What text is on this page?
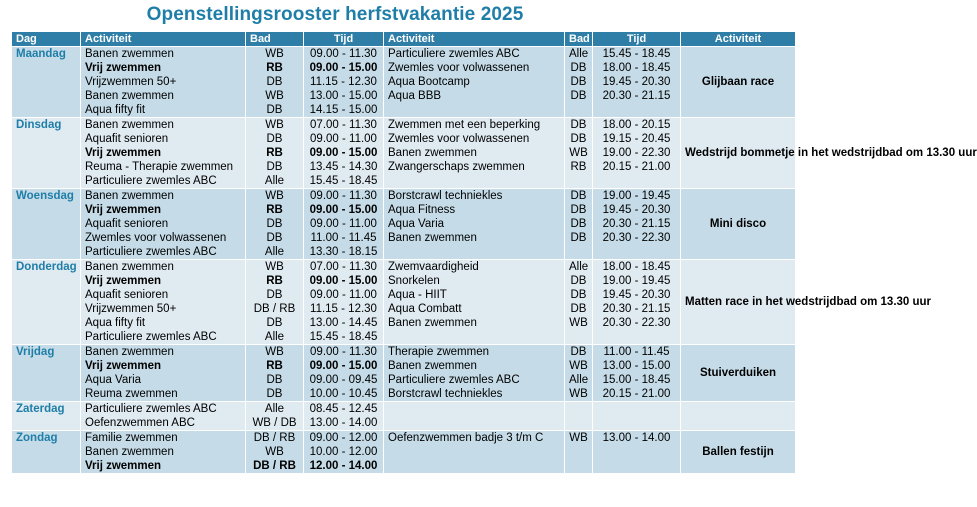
Openstellingsrooster herfstvakantie 2025
Dag	Activiteit	Bad	Tijd	Activiteit	Bad	Tijd	Activiteit
Maandag	Banen zwemmen	WB	09.00 - 11.30	Particuliere zwemles ABC	Alle	15.45 - 18.45	Glijbaan race
	Vrij zwemmen	RB	09.00 - 15.00	Zwemles voor volwassenen	DB	18.00 - 18.45	
	Vrijzwemmen 50+	DB	11.15 - 12.30	Aqua Bootcamp	DB	19.45 - 20.30	
	Banen zwemmen	WB	13.00 - 15.00	Aqua BBB	DB	20.30 - 21.15	
	Aqua fifty fit	DB	14.15 - 15.00				
Dinsdag	Banen zwemmen	WB	07.00 - 11.30	Zwemmen met een beperking	DB	18.00 - 20.15	Wedstrijd bommetje in het wedstrijdbad om 13.30 uur
	Aquafit senioren	DB	09.00 - 11.00	Zwemles voor volwassenen	DB	19.15 - 20.45	
	Vrij zwemmen	RB	09.00 - 15.00	Banen zwemmen	WB	19.00 - 22.30	
	Reuma - Therapie zwemmen	DB	13.45 - 14.30	Zwangerschaps zwemmen	RB	20.15 - 21.00	
	Particuliere zwemles ABC	Alle	15.45 - 18.45				
Woensdag	Banen zwemmen	WB	09.00 - 11.30	Borstcrawl techniekles	DB	19.00 - 19.45	Mini disco
	Vrij zwemmen	RB	09.00 - 15.00	Aqua Fitness	DB	19.45 - 20.30	
	Aquafit senioren	DB	09.00 - 11.00	Aqua Varia	DB	20.30 - 21.15	
	Zwemles voor volwassenen	DB	11.00 - 11.45	Banen zwemmen	DB	20.30 - 22.30	
	Particuliere zwemles ABC	Alle	13.30 - 18.15				
Donderdag	Banen zwemmen	WB	07.00 - 11.30	Zwemvaardigheid	Alle	18.00 - 18.45	Matten race in het wedstrijdbad om 13.30 uur
	Vrij zwemmen	RB	09.00 - 15.00	Snorkelen	DB	19.00 - 19.45	
	Aquafit senioren	DB	09.00 - 11.00	Aqua - HIIT	DB	19.45 - 20.30	
	Vrijzwemmen 50+	DB / RB	11.15 - 12.30	Aqua Combatt	DB	20.30 - 21.15	
	Aqua fifty fit	DB	13.00 - 14.45	Banen zwemmen	WB	20.30 - 22.30	
	Particuliere zwemles ABC	Alle	15.45 - 18.45				
Vrijdag	Banen zwemmen	WB	09.00 - 11.30	Therapie zwemmen	DB	11.00 - 11.45	Stuiverduiken
	Vrij zwemmen	RB	09.00 - 15.00	Banen zwemmen	WB	13.00 - 15.00	
	Aqua Varia	DB	09.00 - 09.45	Particuliere zwemles ABC	Alle	15.00 - 18.45	
	Reuma zwemmen	DB	10.00 - 10.45	Borstcrawl techniekles	WB	20.15 - 21.00	
Zaterdag	Particuliere zwemles ABC	Alle	08.45 - 12.45				
	Oefenzwemmen ABC	WB / DB	13.00 - 14.00				
Zondag	Familie zwemmen	DB / RB	09.00 - 12.00	Oefenzwemmen badje 3 t/m C	WB	13.00 - 14.00	Ballen festijn
	Banen zwemmen	WB	10.00 - 12.00				
	Vrij zwemmen	DB / RB	12.00 - 14.00				
